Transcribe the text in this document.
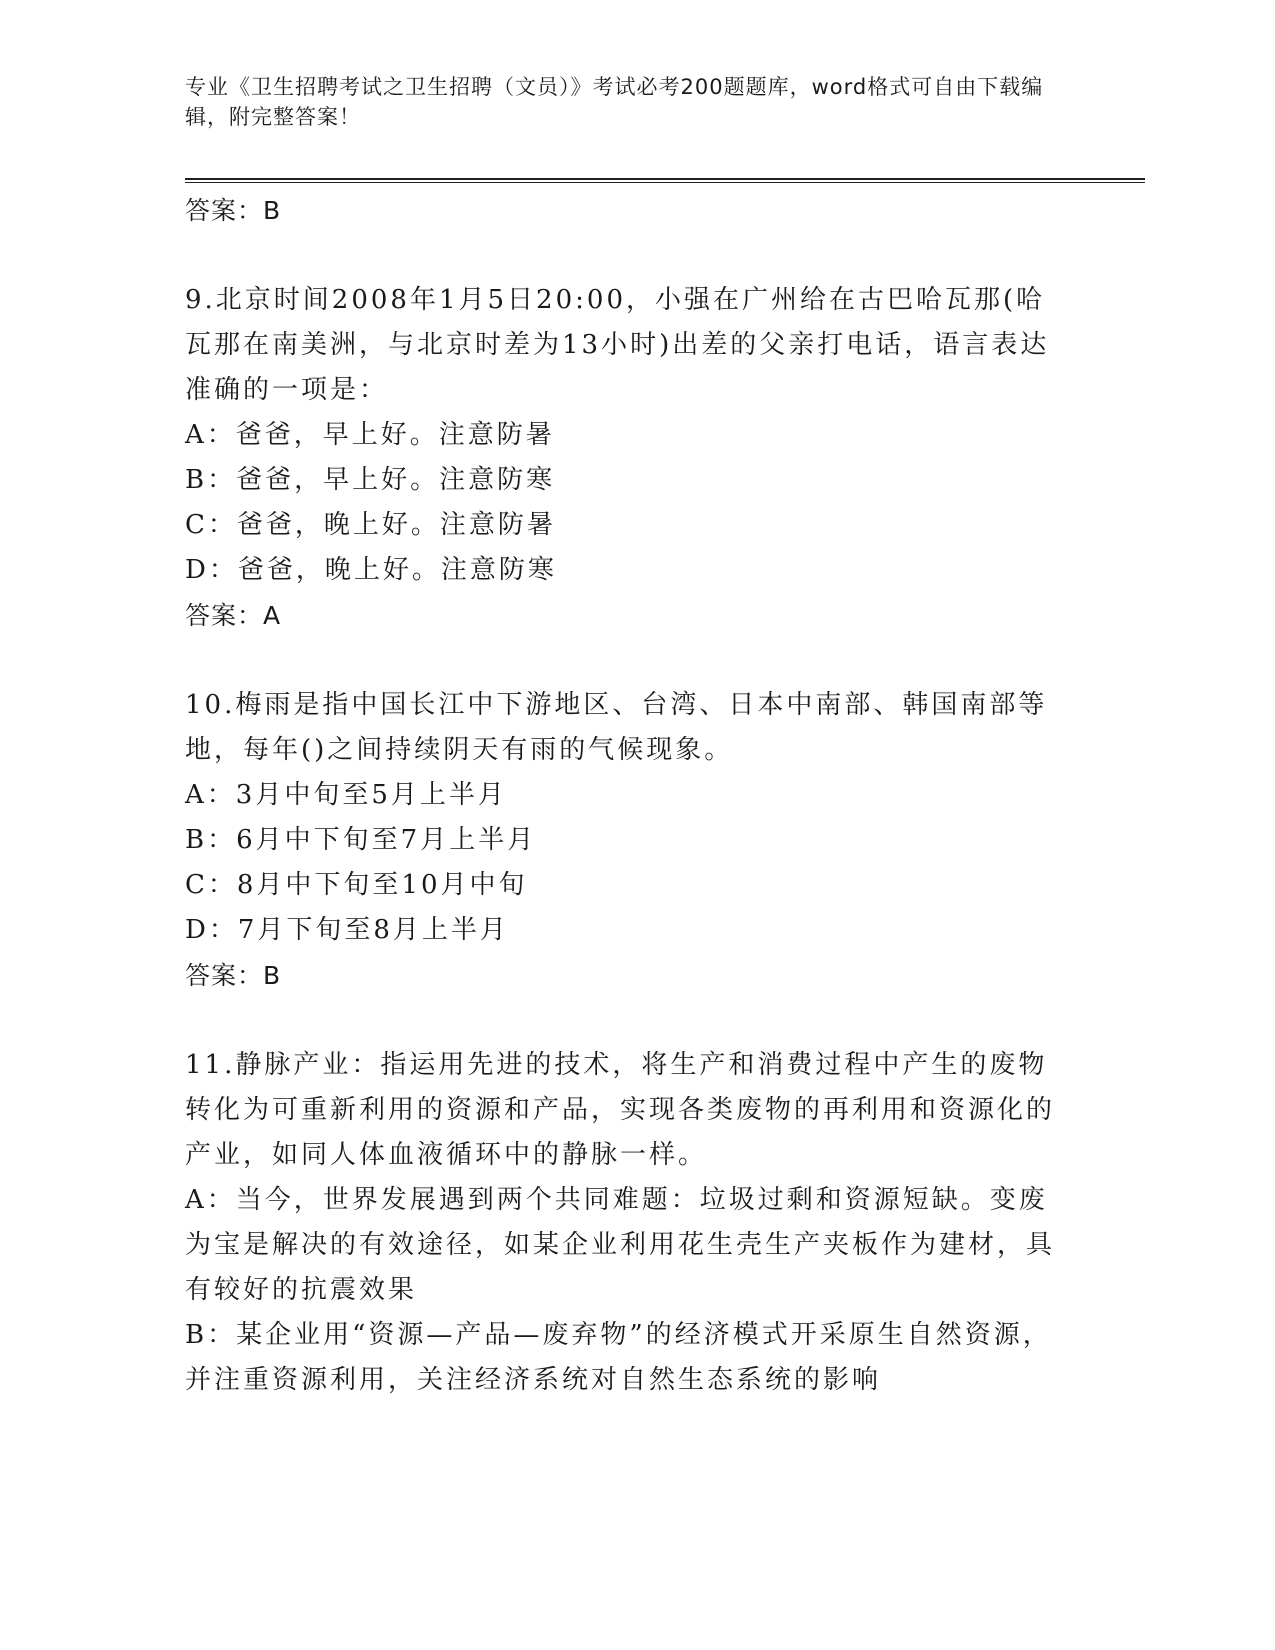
专业《卫生招聘考试之卫生招聘（文员）》考试必考200题题库，word格式可自由下载编辑，附完整答案！
答案：B
9.北京时间2008年1月5日20:00，小强在广州给在古巴哈瓦那(哈瓦那在南美洲，与北京时差为13小时)出差的父亲打电话，语言表达准确的一项是：
A：爸爸，早上好。注意防暑
B：爸爸，早上好。注意防寒
C：爸爸，晚上好。注意防暑
D：爸爸，晚上好。注意防寒
答案：A
10.梅雨是指中国长江中下游地区、台湾、日本中南部、韩国南部等地，每年()之间持续阴天有雨的气候现象。
A：3月中旬至5月上半月
B：6月中下旬至7月上半月
C：8月中下旬至10月中旬
D：7月下旬至8月上半月
答案：B
11.静脉产业：指运用先进的技术，将生产和消费过程中产生的废物转化为可重新利用的资源和产品，实现各类废物的再利用和资源化的产业，如同人体血液循环中的静脉一样。
A：当今，世界发展遇到两个共同难题：垃圾过剩和资源短缺。变废为宝是解决的有效途径，如某企业利用花生壳生产夹板作为建材，具有较好的抗震效果
B：某企业用“资源—产品—废弃物”的经济模式开采原生自然资源，并注重资源利用，关注经济系统对自然生态系统的影响
